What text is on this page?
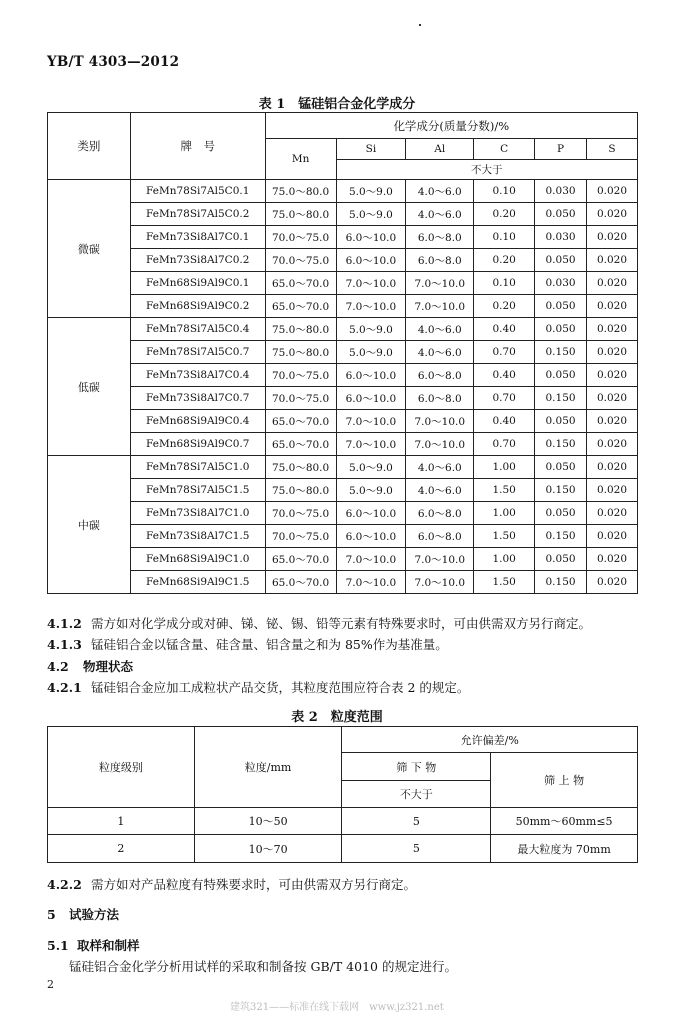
YB/T 4303—2012
表 1　锰硅铝合金化学成分
类别	牌　号	化学成分(质量分数)/%					
		Mn	Si	Al	C	P	S
			不大于				
微碳	FeMn78Si7Al5C0.1	75.0～80.0	5.0～9.0	4.0～6.0	0.10	0.030	0.020
	FeMn78Si7Al5C0.2	75.0～80.0	5.0～9.0	4.0～6.0	0.20	0.050	0.020
	FeMn73Si8Al7C0.1	70.0～75.0	6.0～10.0	6.0～8.0	0.10	0.030	0.020
	FeMn73Si8Al7C0.2	70.0～75.0	6.0～10.0	6.0～8.0	0.20	0.050	0.020
	FeMn68Si9Al9C0.1	65.0～70.0	7.0～10.0	7.0～10.0	0.10	0.030	0.020
	FeMn68Si9Al9C0.2	65.0～70.0	7.0～10.0	7.0～10.0	0.20	0.050	0.020
低碳	FeMn78Si7Al5C0.4	75.0～80.0	5.0～9.0	4.0～6.0	0.40	0.050	0.020
	FeMn78Si7Al5C0.7	75.0～80.0	5.0～9.0	4.0～6.0	0.70	0.150	0.020
	FeMn73Si8Al7C0.4	70.0～75.0	6.0～10.0	6.0～8.0	0.40	0.050	0.020
	FeMn73Si8Al7C0.7	70.0～75.0	6.0～10.0	6.0～8.0	0.70	0.150	0.020
	FeMn68Si9Al9C0.4	65.0～70.0	7.0～10.0	7.0～10.0	0.40	0.050	0.020
	FeMn68Si9Al9C0.7	65.0～70.0	7.0～10.0	7.0～10.0	0.70	0.150	0.020
中碳	FeMn78Si7Al5C1.0	75.0～80.0	5.0～9.0	4.0～6.0	1.00	0.050	0.020
	FeMn78Si7Al5C1.5	75.0～80.0	5.0～9.0	4.0～6.0	1.50	0.150	0.020
	FeMn73Si8Al7C1.0	70.0～75.0	6.0～10.0	6.0～8.0	1.00	0.050	0.020
	FeMn73Si8Al7C1.5	70.0～75.0	6.0～10.0	6.0～8.0	1.50	0.150	0.020
	FeMn68Si9Al9C1.0	65.0～70.0	7.0～10.0	7.0～10.0	1.00	0.050	0.020
	FeMn68Si9Al9C1.5	65.0～70.0	7.0～10.0	7.0～10.0	1.50	0.150	0.020
4.1.2 需方如对化学成分或对砷、锑、铋、锡、铅等元素有特殊要求时，可由供需双方另行商定。
4.1.3 锰硅铝合金以锰含量、硅含量、铝含量之和为 85%作为基准量。
4.2 物理状态
4.2.1 锰硅铝合金应加工成粒状产品交货，其粒度范围应符合表 2 的规定。
表 2　粒度范围
粒度级别	粒度/mm	允许偏差/%	
		筛 下 物	筛 上 物
		不大于	
1	10～50	5	50mm～60mm≤5
2	10～70	5	最大粒度为 70mm
4.2.2 需方如对产品粒度有特殊要求时，可由供需双方另行商定。
5 试验方法
5.1 取样和制样
锰硅铝合金化学分析用试样的采取和制备按 GB/T 4010 的规定进行。
2
建筑321——标准在线下载网　www.jz321.net
